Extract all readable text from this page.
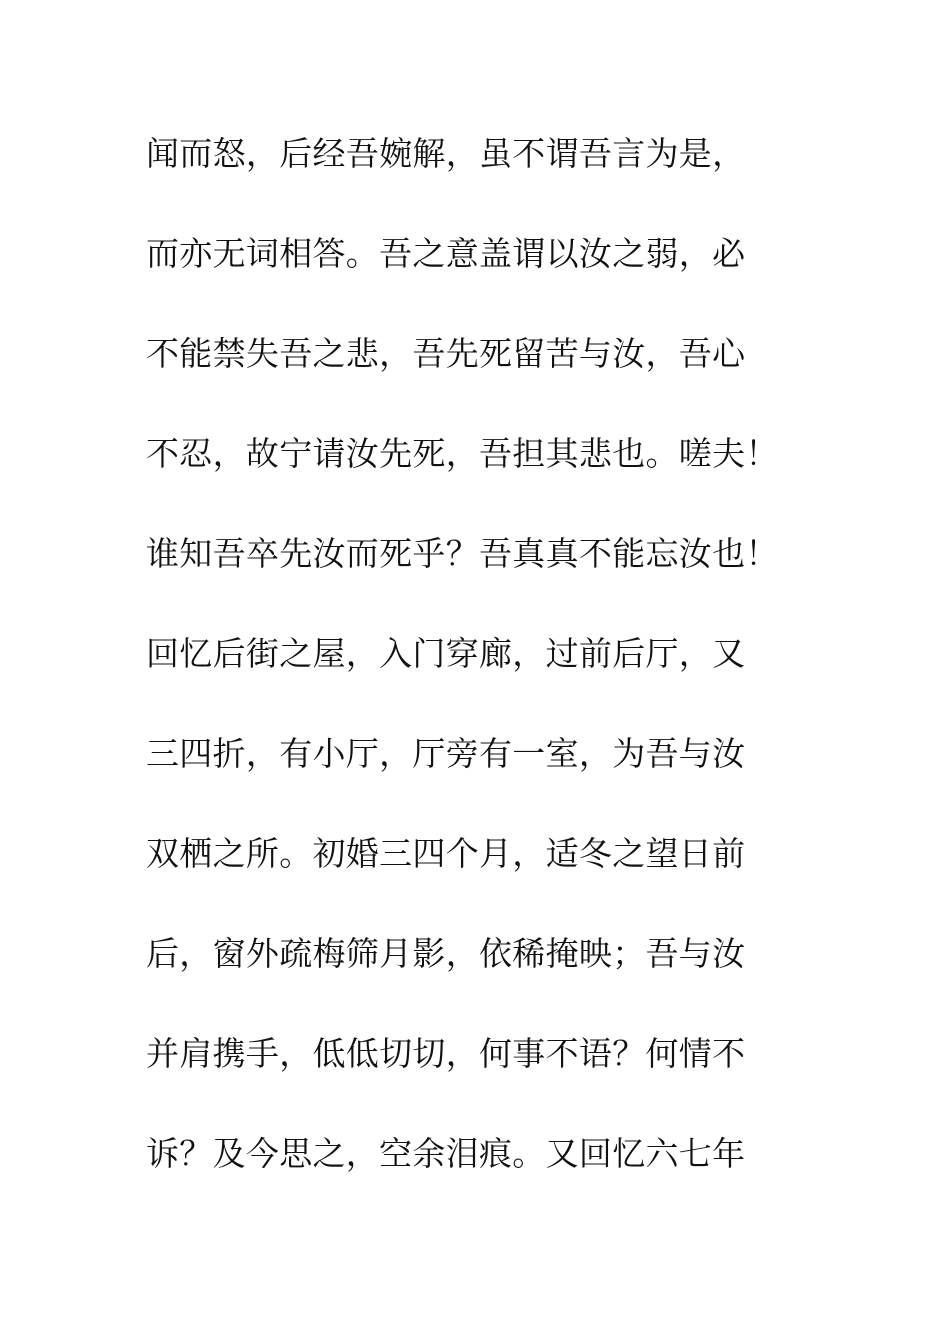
闻而怒，后经吾婉解，虽不谓吾言为是，
而亦无词相答。吾之意盖谓以汝之弱，必
不能禁失吾之悲，吾先死留苦与汝，吾心
不忍，故宁请汝先死，吾担其悲也。嗟夫！
谁知吾卒先汝而死乎？吾真真不能忘汝也！
回忆后街之屋，入门穿廊，过前后厅，又
三四折，有小厅，厅旁有一室，为吾与汝
双栖之所。初婚三四个月，适冬之望日前
后，窗外疏梅筛月影，依稀掩映；吾与汝
并肩携手，低低切切，何事不语？何情不
诉？及今思之，空余泪痕。又回忆六七年
